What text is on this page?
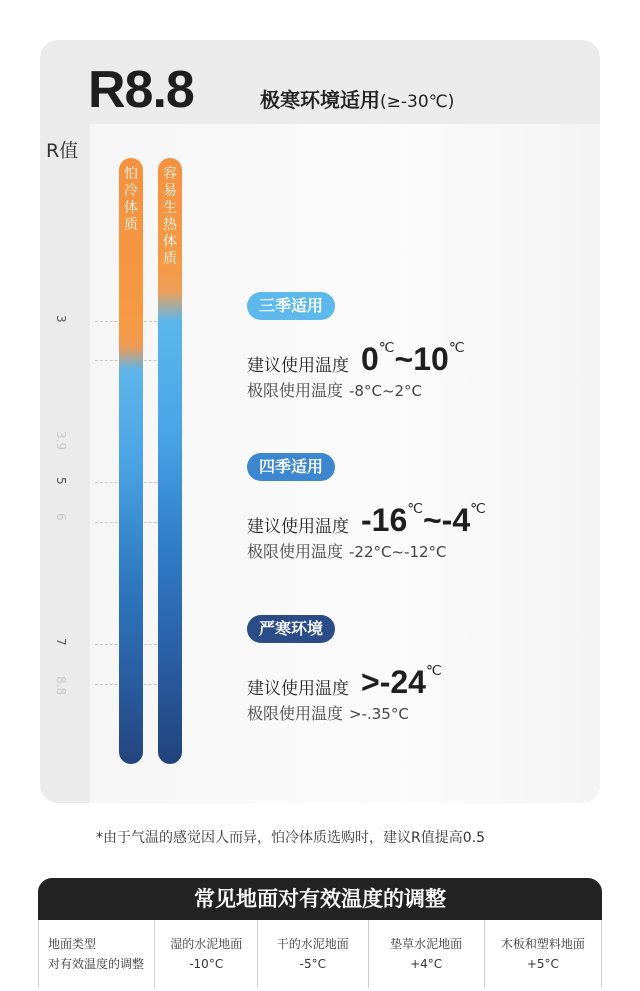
R8.8	极寒环境适用(≥-30℃)
R值
3
3.9
5
6
7
8.8
怕
冷
体
质
容
易
生
热
体
质
三季适用
建议使用温度 0℃~10℃
极限使用温度 -8°C~2°C
四季适用
建议使用温度 -16℃~-4℃
极限使用温度 -22°C~-12°C
严寒环境
建议使用温度 >-24℃
极限使用温度 >-.35°C
*由于气温的感觉因人而异，怕冷体质选购时，建议R值提高0.5
常见地面对有效温度的调整
地面类型
对有效温度的调整
湿的水泥地面
-10°C
干的水泥地面
-5°C
垫草水泥地面
+4°C
木板和塑料地面
+5°C
